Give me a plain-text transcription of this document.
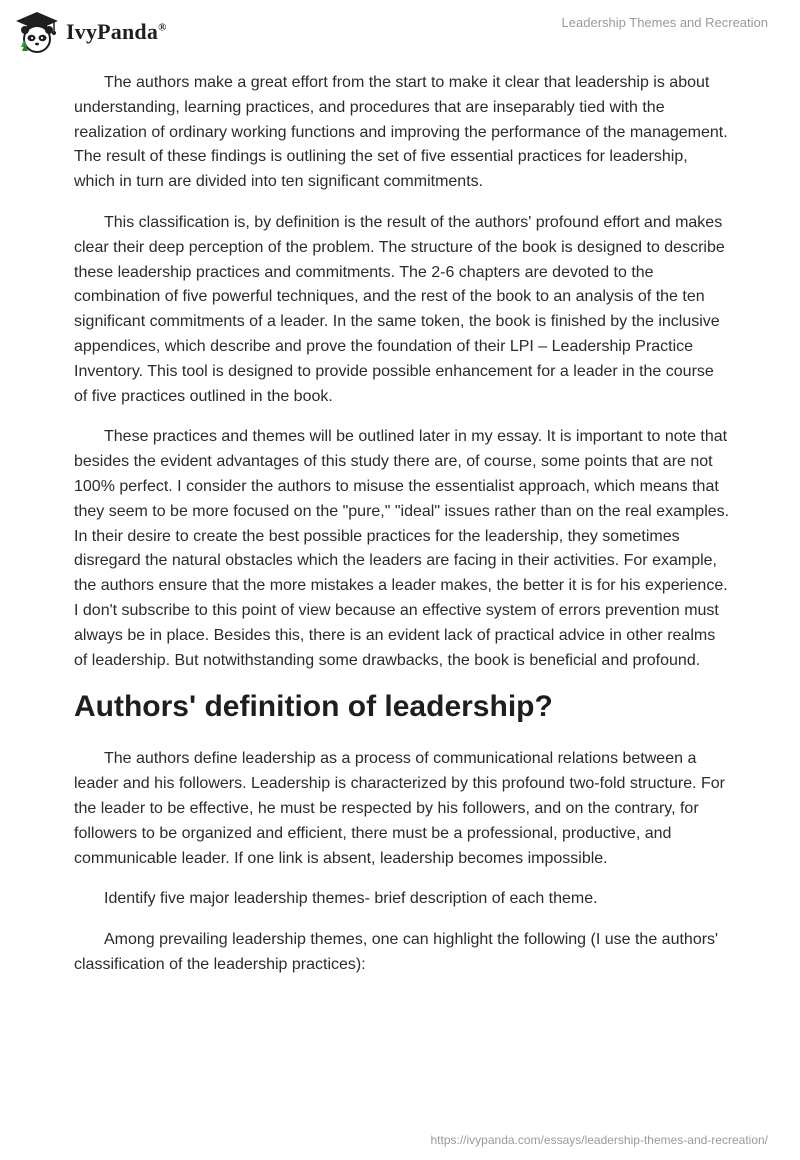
IvyPanda®	Leadership Themes and Recreation

The authors make a great effort from the start to make it clear that leadership is about understanding, learning practices, and procedures that are inseparably tied with the realization of ordinary working functions and improving the performance of the management. The result of these findings is outlining the set of five essential practices for leadership, which in turn are divided into ten significant commitments.

This classification is, by definition is the result of the authors' profound effort and makes clear their deep perception of the problem. The structure of the book is designed to describe these leadership practices and commitments. The 2-6 chapters are devoted to the combination of five powerful techniques, and the rest of the book to an analysis of the ten significant commitments of a leader. In the same token, the book is finished by the inclusive appendices, which describe and prove the foundation of their LPI – Leadership Practice Inventory. This tool is designed to provide possible enhancement for a leader in the course of five practices outlined in the book.

These practices and themes will be outlined later in my essay. It is important to note that besides the evident advantages of this study there are, of course, some points that are not 100% perfect. I consider the authors to misuse the essentialist approach, which means that they seem to be more focused on the "pure," "ideal" issues rather than on the real examples. In their desire to create the best possible practices for the leadership, they sometimes disregard the natural obstacles which the leaders are facing in their activities. For example, the authors ensure that the more mistakes a leader makes, the better it is for his experience. I don't subscribe to this point of view because an effective system of errors prevention must always be in place. Besides this, there is an evident lack of practical advice in other realms of leadership. But notwithstanding some drawbacks, the book is beneficial and profound.

Authors' definition of leadership?

The authors define leadership as a process of communicational relations between a leader and his followers. Leadership is characterized by this profound two-fold structure. For the leader to be effective, he must be respected by his followers, and on the contrary, for followers to be organized and efficient, there must be a professional, productive, and communicable leader. If one link is absent, leadership becomes impossible.

Identify five major leadership themes- brief description of each theme.

Among prevailing leadership themes, one can highlight the following (I use the authors' classification of the leadership practices):

https://ivypanda.com/essays/leadership-themes-and-recreation/
